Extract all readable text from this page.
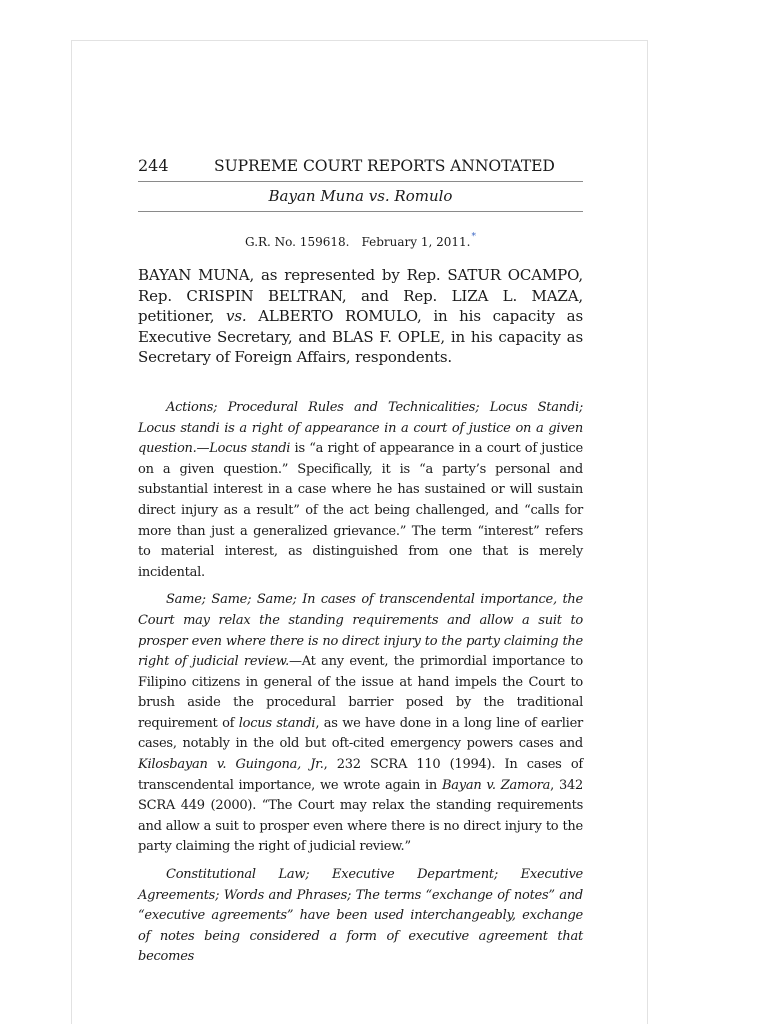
244	SUPREME COURT REPORTS ANNOTATED
Bayan Muna vs. Romulo
G.R. No. 159618. February 1, 2011.*
BAYAN MUNA, as represented by Rep. SATUR OCAMPO, Rep. CRISPIN BELTRAN, and Rep. LIZA L. MAZA, petitioner, vs. ALBERTO ROMULO, in his capacity as Executive Secretary, and BLAS F. OPLE, in his capacity as Secretary of Foreign Affairs, respondents.

Actions; Procedural Rules and Technicalities; Locus Standi; Locus standi is a right of appearance in a court of justice on a given question.—Locus standi is “a right of appearance in a court of justice on a given question.” Specifically, it is “a party’s personal and substantial interest in a case where he has sustained or will sustain direct injury as a result” of the act being challenged, and “calls for more than just a generalized grievance.” The term “interest” refers to material interest, as distinguished from one that is merely incidental.

Same; Same; Same; In cases of transcendental importance, the Court may relax the standing requirements and allow a suit to prosper even where there is no direct injury to the party claiming the right of judicial review.—At any event, the primordial importance to Filipino citizens in general of the issue at hand impels the Court to brush aside the procedural barrier posed by the traditional requirement of locus standi, as we have done in a long line of earlier cases, notably in the old but oft-cited emergency powers cases and Kilosbayan v. Guingona, Jr., 232 SCRA 110 (1994). In cases of transcendental importance, we wrote again in Bayan v. Zamora, 342 SCRA 449 (2000). “The Court may relax the standing requirements and allow a suit to prosper even where there is no direct injury to the party claiming the right of judicial review.”

Constitutional Law; Executive Department; Executive Agreements; Words and Phrases; The terms “exchange of notes” and “executive agreements” have been used interchangeably, exchange of notes being considered a form of executive agreement that becomes
